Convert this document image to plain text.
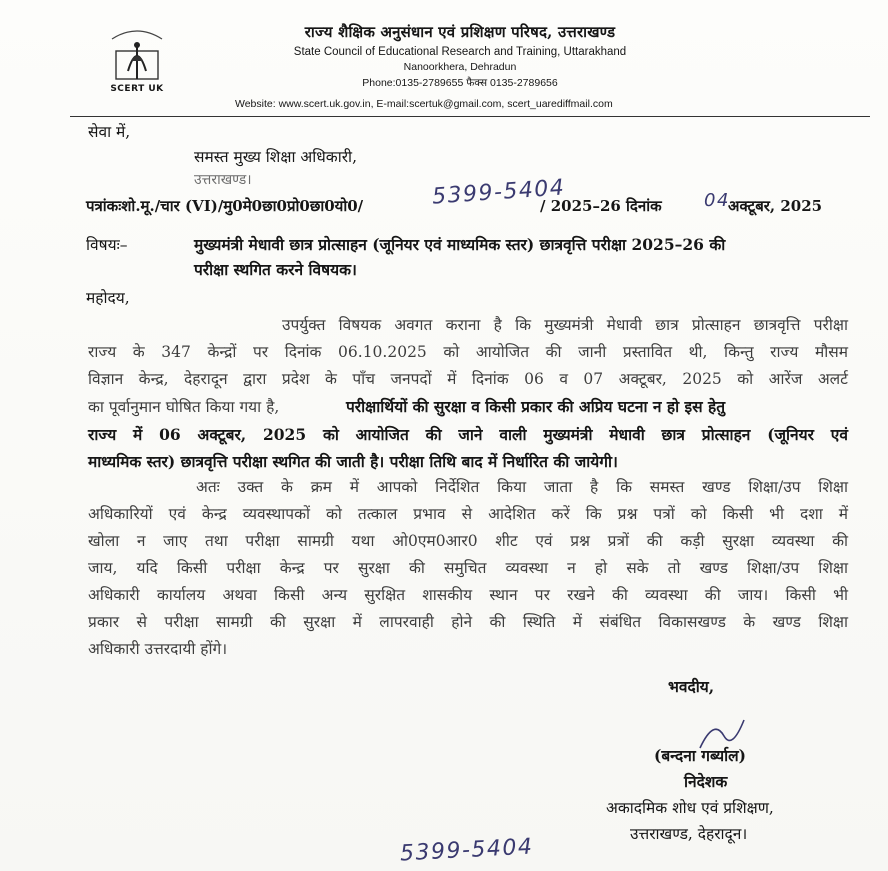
SCERT UK
राज्य शैक्षिक अनुसंधान एवं प्रशिक्षण परिषद, उत्तराखण्ड
State Council of Educational Research and Training, Uttarakhand
Nanoorkhera, Dehradun
Phone:0135-2789655 फैक्स 0135-2789656
Website: www.scert.uk.gov.in, E-mail:scertuk@gmail.com, scert_uarediffmail.com
सेवा में,
समस्त मुख्य शिक्षा अधिकारी,
उत्तराखण्ड।
पत्रांकःशो.मू./चार (VI)/मु0मे0छा0प्रो0छा0यो0/	5399-5404
/ 2025–26 दिनांक 04
अक्टूबर, 2025
विषयः–	मुख्यमंत्री मेधावी छात्र प्रोत्साहन (जूनियर एवं माध्यमिक स्तर) छात्रवृत्ति परीक्षा 2025–26 की
परीक्षा स्थगित करने विषयक।
महोदय,
उपर्युक्त विषयक अवगत कराना है कि मुख्यमंत्री मेधावी छात्र प्रोत्साहन छात्रवृत्ति परीक्षा
राज्य के 347 केन्द्रों पर दिनांक 06.10.2025 को आयोजित की जानी प्रस्तावित थी, किन्तु राज्य मौसम
विज्ञान केन्द्र, देहरादून द्वारा प्रदेश के पाँच जनपदों में दिनांक 06 व 07 अक्टूबर, 2025 को आरेंज अलर्ट
का पूर्वानुमान घोषित किया गया है,	परीक्षार्थियों की सुरक्षा व किसी प्रकार की अप्रिय घटना न हो इस हेतु
राज्य में 06 अक्टूबर, 2025 को आयोजित की जाने वाली मुख्यमंत्री मेधावी छात्र प्रोत्साहन (जूनियर एवं
माध्यमिक स्तर) छात्रवृत्ति परीक्षा स्थगित की जाती है। परीक्षा तिथि बाद में निर्धारित की जायेगी।
अतः उक्त के क्रम में आपको निर्देशित किया जाता है कि समस्त खण्ड शिक्षा/उप शिक्षा
अधिकारियों एवं केन्द्र व्यवस्थापकों को तत्काल प्रभाव से आदेशित करें कि प्रश्न पत्रों को किसी भी दशा में
खोला न जाए तथा परीक्षा सामग्री यथा ओ0एम0आर0 शीट एवं प्रश्न प्रत्रों की कड़ी सुरक्षा व्यवस्था की
जाय, यदि किसी परीक्षा केन्द्र पर सुरक्षा की समुचित व्यवस्था न हो सके तो खण्ड शिक्षा/उप शिक्षा
अधिकारी कार्यालय अथवा किसी अन्य सुरक्षित शासकीय स्थान पर रखने की व्यवस्था की जाय। किसी भी
प्रकार से परीक्षा सामग्री की सुरक्षा में लापरवाही होने की स्थिति में संबंधित विकासखण्ड के खण्ड शिक्षा
अधिकारी उत्तरदायी होंगे।
भवदीय,
(बन्दना गर्ब्याल)
निदेशक
अकादमिक शोध एवं प्रशिक्षण,
उत्तराखण्ड, देहरादून।
5399-5404
